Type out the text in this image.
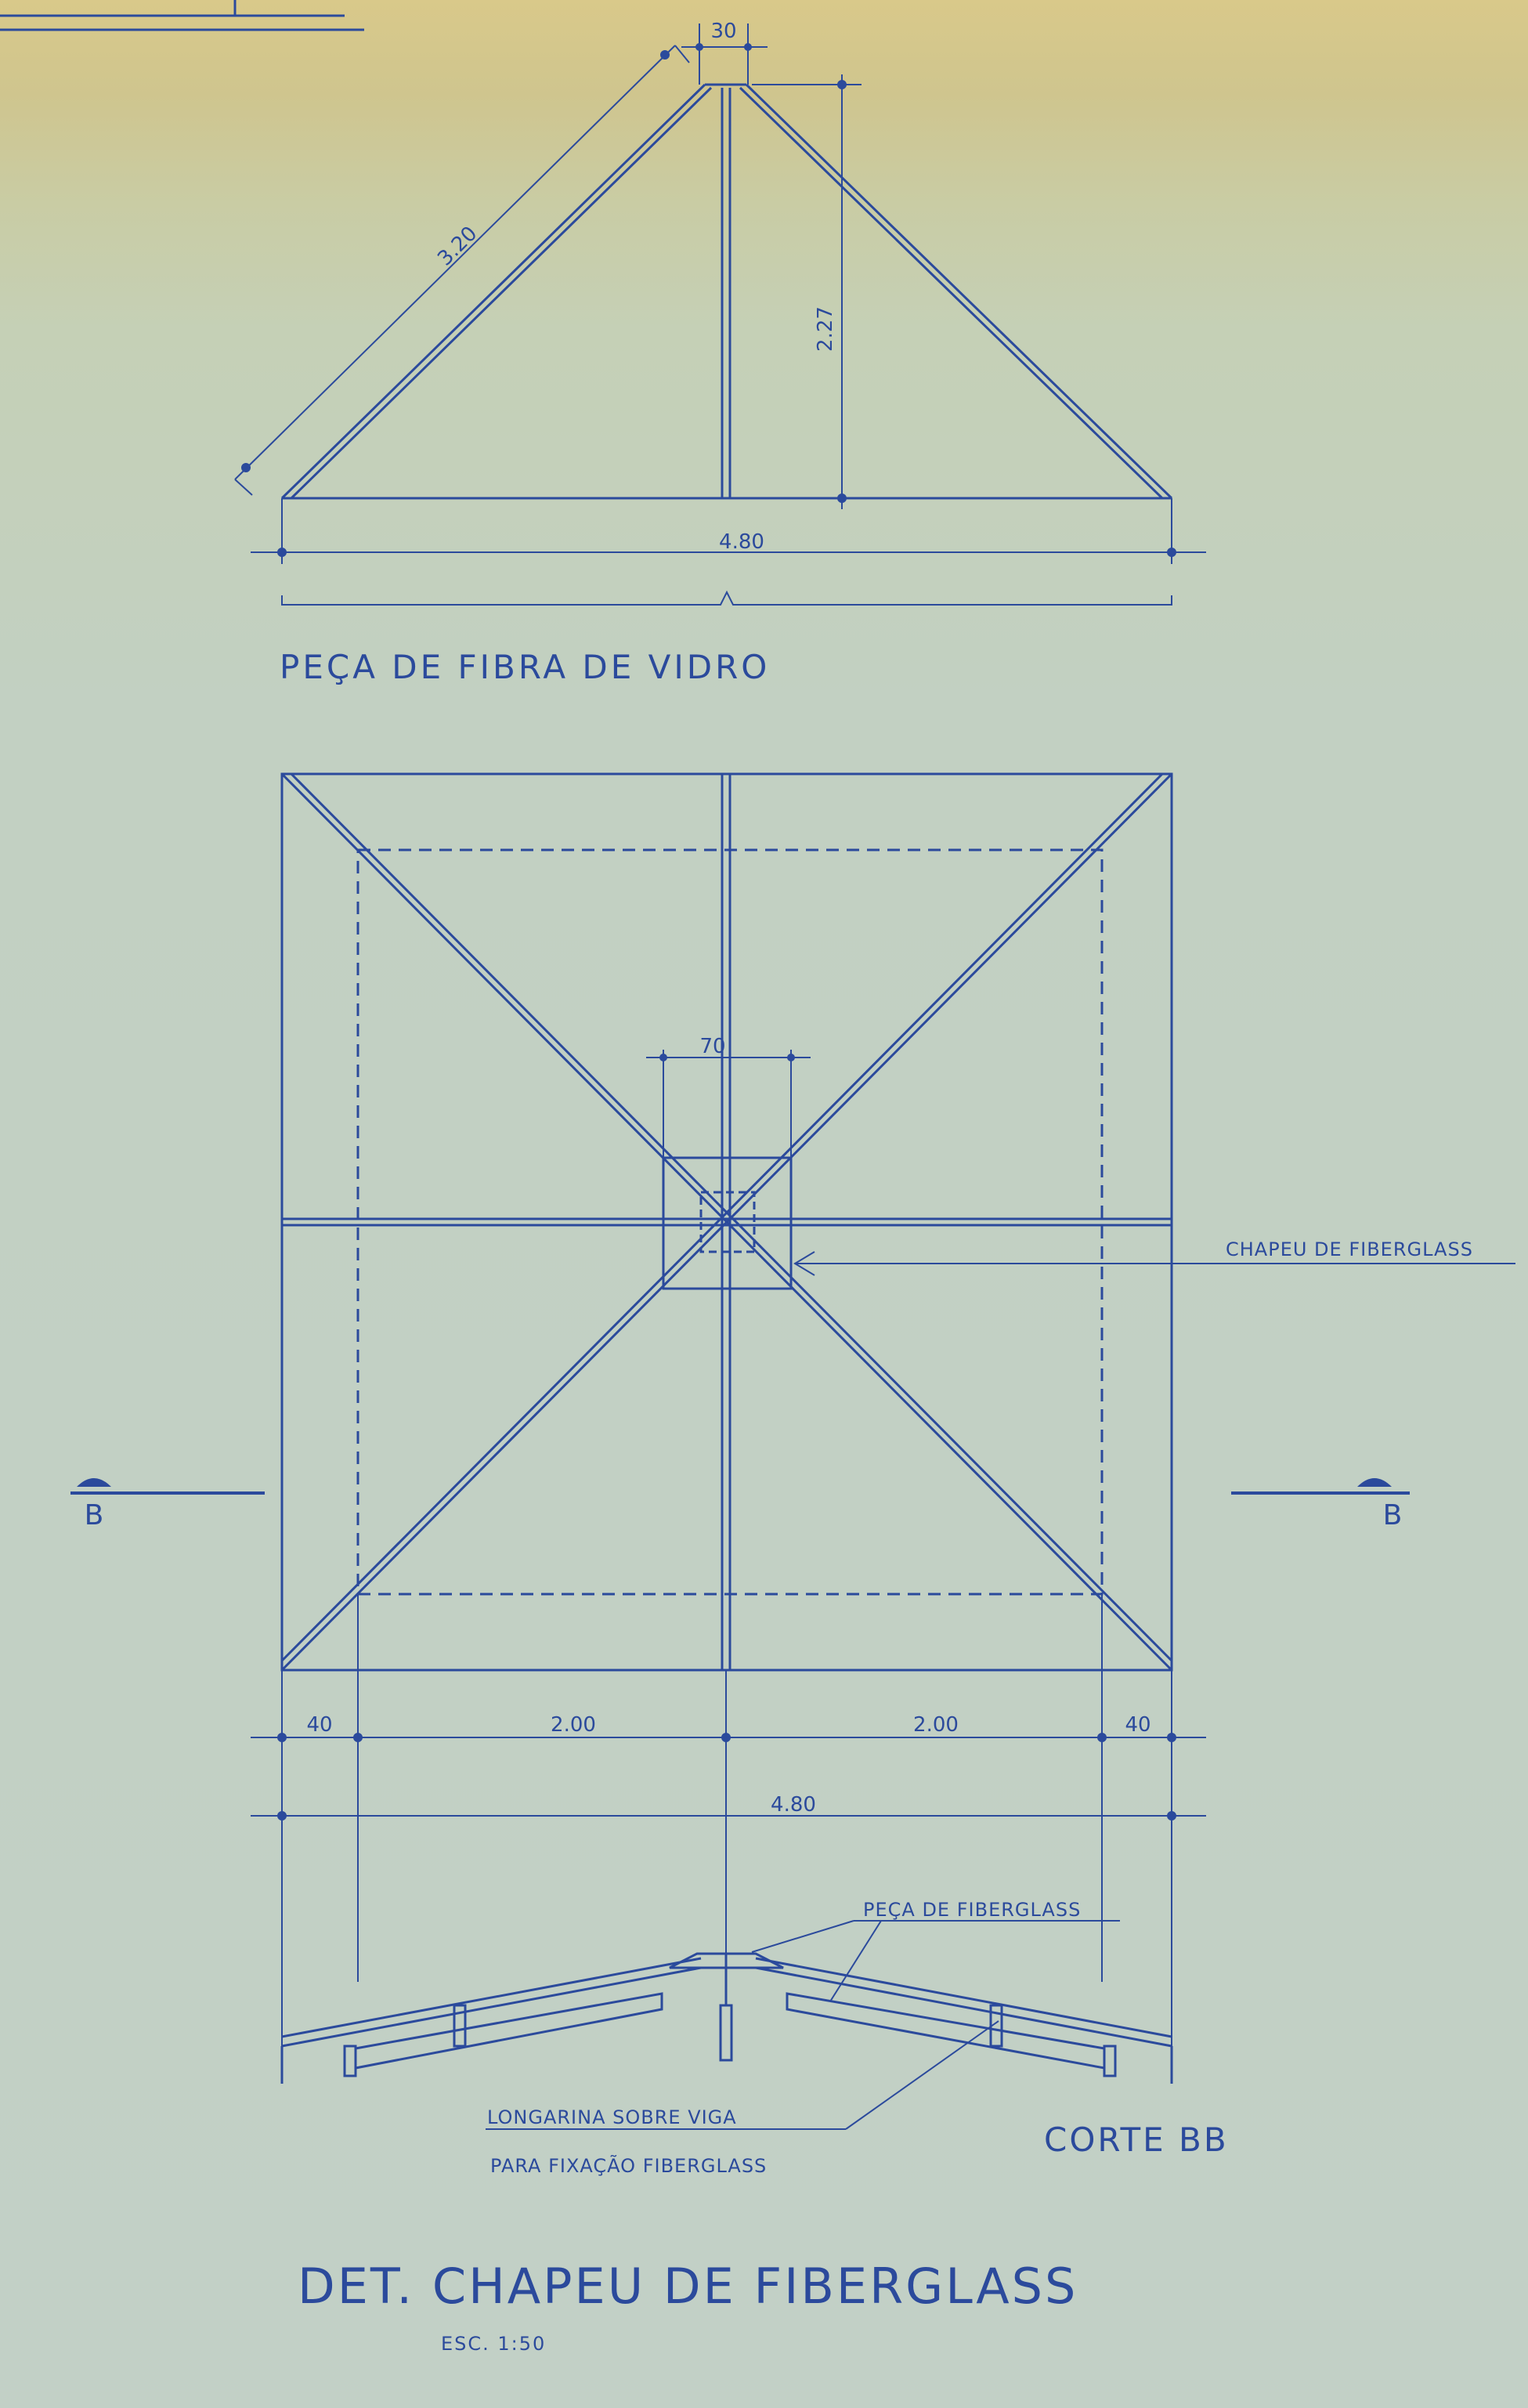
30
3.20
2.27
4.80
PEÇA DE FIBRA DE VIDRO
70
CHAPEU DE FIBERGLASS
B	B
40	2.00	2.00	40
4.80
PEÇA DE FIBERGLASS
LONGARINA SOBRE VIGA
PARA FIXAÇÃO FIBERGLASS
CORTE BB
DET. CHAPEU DE FIBERGLASS
ESC. 1:50
